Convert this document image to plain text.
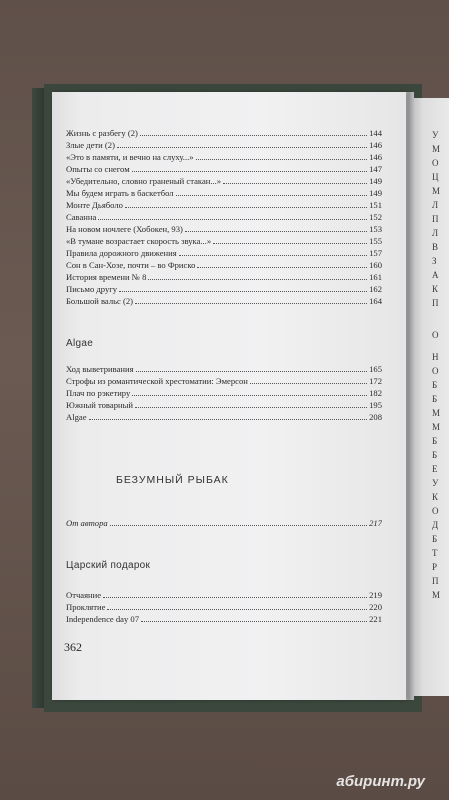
Жизнь с разбегу (2)	144
Злые дети (2)	146
«Это в памяти, и вечно на слуху...»	146
Опыты со снегом	147
«Убедительно, словно граненый стакан...»	149
Мы будем играть в баскетбол	149
Монте Дьяболо	151
Саванна	152
На новом ночлеге (Хобокен, 93)	153
«В тумане возрастает скорость звука...»	155
Правила дорожного движения	157
Сон в Сан-Хозе, почти – во Фриско	160
История времени № 8	161
Письмо другу	162
Большой вальс (2)	164
Algae
Ход выветривания	165
Строфы из романтической хрестоматии: Эмерсон	172
Плач по рэкетиру	182
Южный товарный	195
Algae	208
БЕЗУМНЫЙ РЫБАК
От автора	217
Царский подарок
Отчаяние	219
Проклятие	220
Independence day 07	221
362
У
М
О
Ц
М
Л
П
Л
В
З
А
К
П
О
Н
О
Б
Б
М
М
Б
Б
Е
У
К
О
Д
Б
Т
Р
П
М
абиринт.ру
